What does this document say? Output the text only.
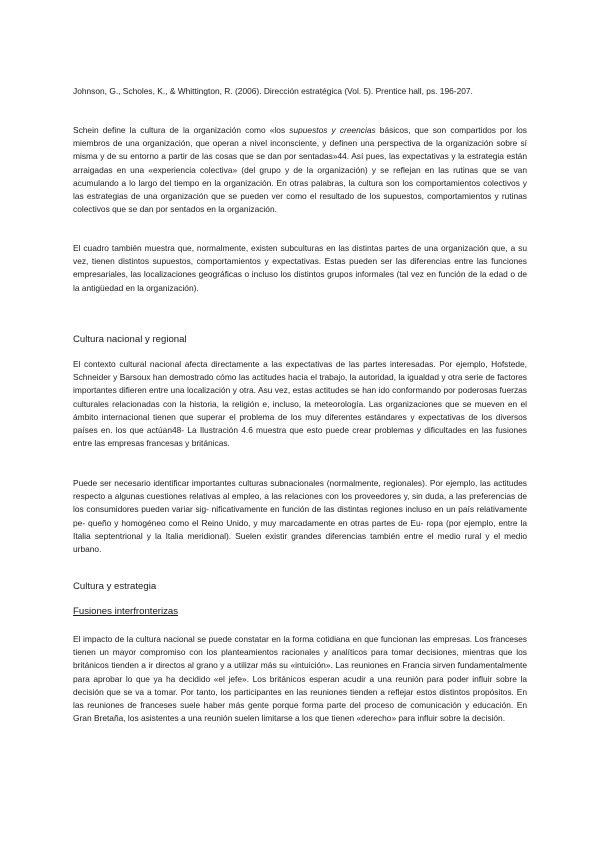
Johnson, G., Scholes, K., & Whittington, R. (2006). Dirección estratégica (Vol. 5). Prentice hall, ps. 196-207.

Schein define la cultura de la organización como «los supuestos y creencias básicos, que son compartidos por los miembros de una organización, que operan a nivel inconsciente, y definen una perspectiva de la organización sobre sí misma y de su entorno a partir de las cosas que se dan por sentadas»44. Así pues, las expectativas y la estrategia están arraigadas en una «experiencia colectiva» (del grupo y de la organización) y se reflejan en las rutinas que se van acumulando a lo largo del tiempo en la organización. En otras palabras, la cultura son los comportamientos colectivos y las estrategias de una organización que se pueden ver como el resultado de los supuestos, comportamientos y rutinas colectivos que se dan por sentados en la organización.

El cuadro también muestra que, normalmente, existen subculturas en las distintas partes de una organización que, a su vez, tienen distintos supuestos, comportamientos y expectativas. Estas pueden ser las diferencias entre las funciones empresariales, las localizaciones geográficas o incluso los distintos grupos informales (tal vez en función de la edad o de la antigüedad en la organización).

Cultura nacional y regional

El contexto cultural nacional afecta directamente a las expectativas de las partes interesadas. Por ejemplo, Hofstede, Schneider y Barsoux han demostrado cómo las actitudes hacia el trabajo, la autoridad, la igualdad y otra serie de factores importantes difieren entre una localización y otra. Asu vez, estas actitudes se han ido conformando por poderosas fuerzas culturales relacionadas con la historia, la religión e, incluso, la meteorología. Las organizaciones que se mueven en el ámbito internacional tienen que superar el problema de los muy diferentes estándares y expectativas de los diversos países en. los que actúan48- La Ilustración 4.6 muestra que esto puede crear problemas y dificultades en las fusiones entre las empresas francesas y británicas.

Puede ser necesario identificar importantes culturas subnacionales (normalmente, regionales). Por ejemplo, las actitudes respecto a algunas cuestiones relativas al empleo, a las relaciones con los proveedores y, sin duda, a las preferencias de los consumidores pueden variar sig- nificativamente en función de las distintas regiones incluso en un país relativamente pe- queño y homogéneo como el Reino Unido, y muy marcadamente en otras partes de Eu- ropa (por ejemplo, entre la Italia septentrional y la Italia meridional). Suelen existir grandes diferencias también entre el medio rural y el medio urbano.

Cultura y estrategia
Fusiones interfronterizas

El impacto de la cultura nacional se puede constatar en la forma cotidiana en que funcionan las empresas. Los franceses tienen un mayor compromiso con los planteamientos racionales y analíticos para tomar decisiones, mientras que los británicos tienden a ir directos al grano y a utilizar más su «intuición». Las reuniones en Francia sirven fundamentalmente para aprobar lo que ya ha decidido «el jefe». Los británicos esperan acudir a una reunión para poder influir sobre la decisión que se va a tomar. Por tanto, los participantes en las reuniones tienden a reflejar estos distintos propósitos. En las reuniones de franceses suele haber más gente porque forma parte del proceso de comunicación y educación. En Gran Bretaña, los asistentes a una reunión suelen limitarse a los que tienen «derecho» para influir sobre la decisión.
